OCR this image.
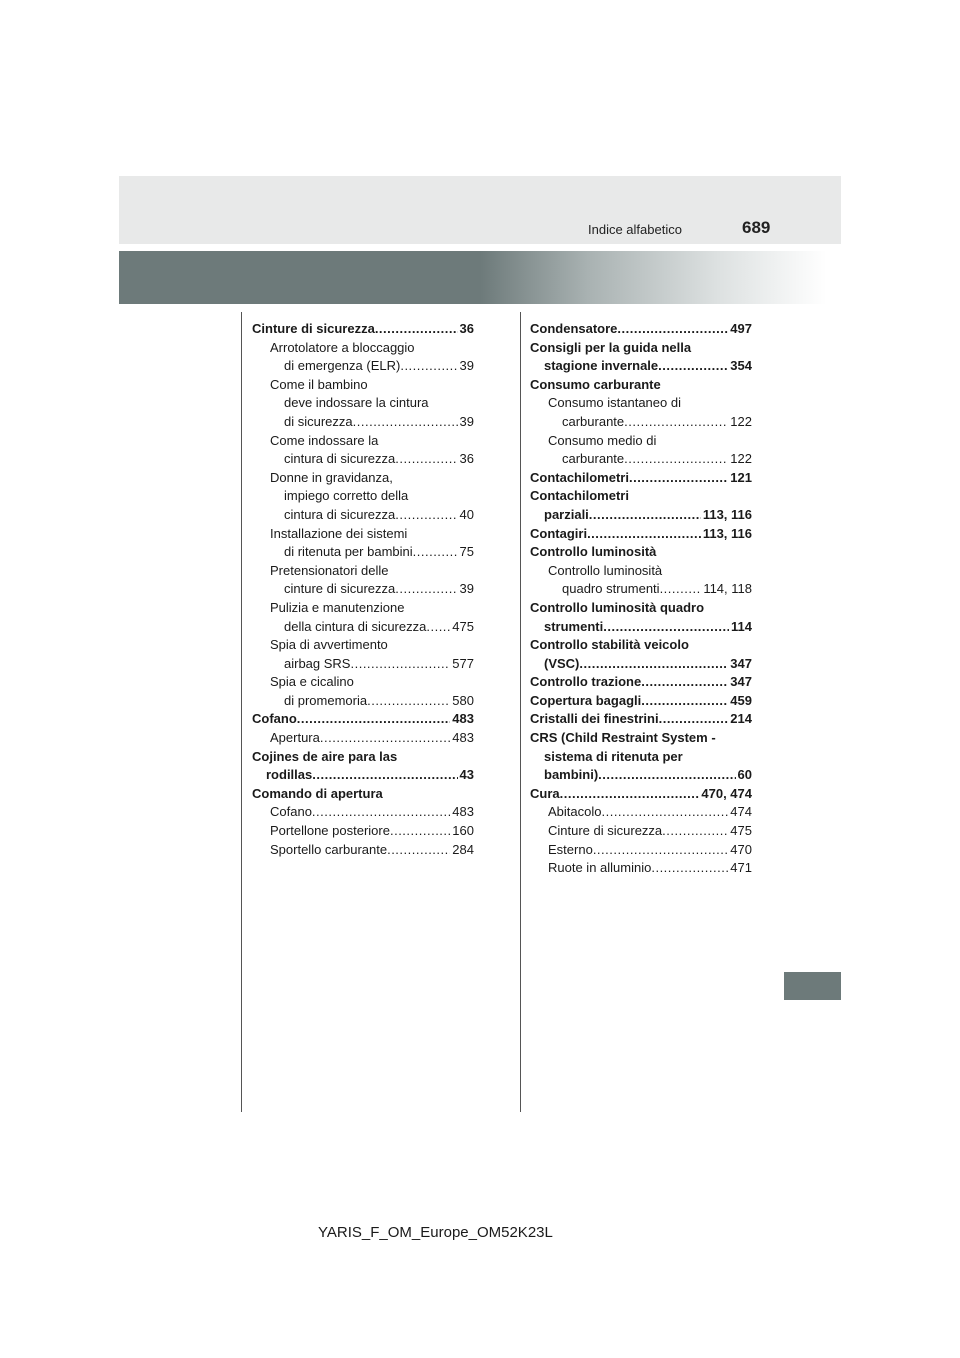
Indice alfabetico	689
Cinture di sicurezza .....	36
Arrotolatore a bloccaggio
di emergenza (ELR) .....	39
Come il bambino
deve indossare la cintura
di sicurezza .....	39
Come indossare la
cintura di sicurezza .....	36
Donne in gravidanza,
impiego corretto della
cintura di sicurezza .....	40
Installazione dei sistemi
di ritenuta per bambini .....	75
Pretensionatori delle
cinture di sicurezza .....	39
Pulizia e manutenzione
della cintura di sicurezza ..... 475
Spia di avvertimento
airbag SRS .....	577
Spia e cicalino
di promemoria .....	580
Cofano .....	483
Apertura .....	483
Cojines de aire para las
rodillas .....	43
Comando di apertura
Cofano .....	483
Portellone posteriore .....	160
Sportello carburante .....	284
Condensatore .....	497
Consigli per la guida nella
stagione invernale .....	354
Consumo carburante
Consumo istantaneo di
carburante .....	122
Consumo medio di
carburante .....	122
Contachilometri .....	121
Contachilometri
parziali .....	113, 116
Contagiri .....	113, 116
Controllo luminosità
Controllo luminosità
quadro strumenti .....	114, 118
Controllo luminosità quadro
strumenti .....	114
Controllo stabilità veicolo
(VSC) .....	347
Controllo trazione .....	347
Copertura bagagli .....	459
Cristalli dei finestrini .....	214
CRS (Child Restraint System -
sistema di ritenuta per
bambini) .....	60
Cura .....	470, 474
Abitacolo .....	474
Cinture di sicurezza .....	475
Esterno .....	470
Ruote in alluminio .....	471
YARIS_F_OM_Europe_OM52K23L
